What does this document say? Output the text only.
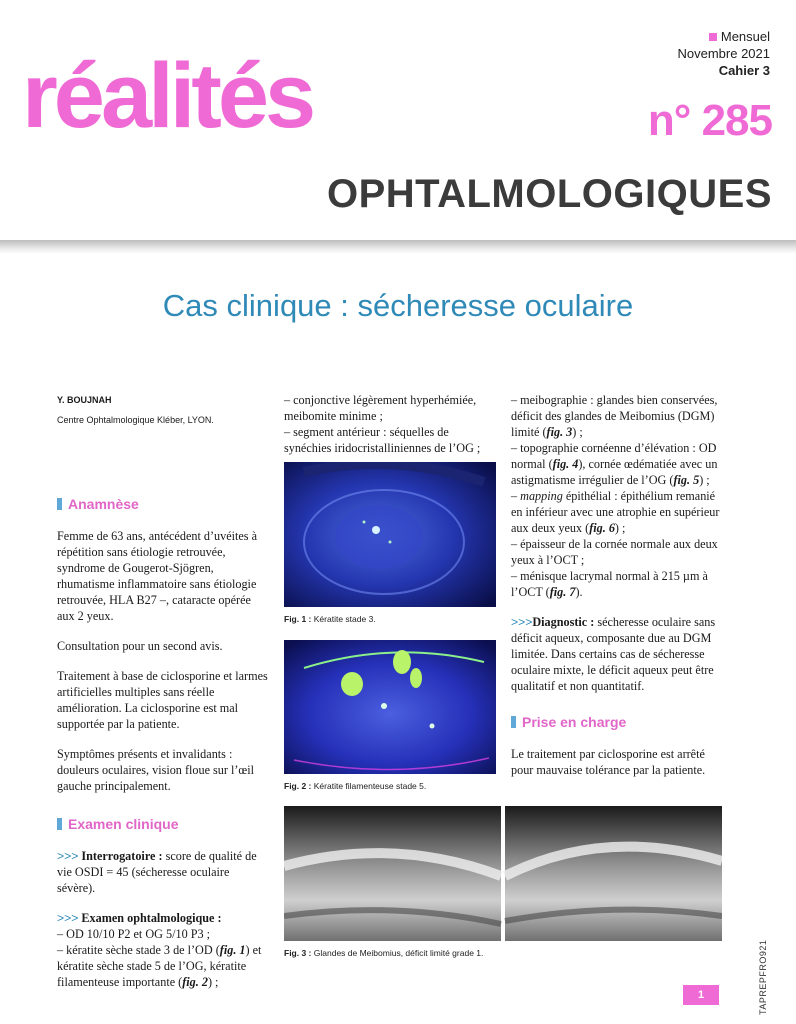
réalités
Mensuel
Novembre 2021
Cahier 3
n° 285
OPHTALMOLOGIQUES
Cas clinique : sécheresse oculaire
Y. BOUJNAH
Centre Ophtalmologique Kléber, LYON.
Anamnèse

Femme de 63 ans, antécédent d’uvéites à répétition sans étiologie retrouvée, syndrome de Gougerot-Sjögren, rhumatisme inflammatoire sans étiologie retrouvée, HLA B27 –, cataracte opérée aux 2 yeux.

Consultation pour un second avis.

Traitement à base de ciclosporine et larmes artificielles multiples sans réelle amélioration. La ciclosporine est mal supportée par la patiente.

Symptômes présents et invalidants : douleurs oculaires, vision floue sur l’œil gauche principalement.

Examen clinique

>>> Interrogatoire : score de qualité de vie OSDI = 45 (sécheresse oculaire sévère).

>>> Examen ophtalmologique :
– OD 10/10 P2 et OG 5/10 P3 ;
– kératite sèche stade 3 de l’OD (fig. 1) et kératite sèche stade 5 de l’OG, kératite filamenteuse importante (fig. 2) ;
– conjonctive légèrement hyperhémiée, meibomite minime ;
– segment antérieur : séquelles de synéchies iridocristalliniennes de l’OG ;
Fig. 1 : Kératite stade 3.
Fig. 2 : Kératite filamenteuse stade 5.
– meibographie : glandes bien conservées, déficit des glandes de Meibomius (DGM) limité (fig. 3) ;
– topographie cornéenne d’élévation : OD normal (fig. 4), cornée œdématiée avec un astigmatisme irrégulier de l’OG (fig. 5) ;
– mapping épithélial : épithélium remanié en inférieur avec une atrophie en supérieur aux deux yeux (fig. 6) ;
– épaisseur de la cornée normale aux deux yeux à l’OCT ;
– ménisque lacrymal normal à 215 µm à l’OCT (fig. 7).

>>>Diagnostic : sécheresse oculaire sans déficit aqueux, composante due au DGM limitée. Dans certains cas de sécheresse oculaire mixte, le déficit aqueux peut être qualitatif et non quantitatif.

Prise en charge

Le traitement par ciclosporine est arrêté pour mauvaise tolérance par la patiente.

Fig. 3 : Glandes de Meibomius, déficit limité grade 1.
1	TAPREPFRO921
